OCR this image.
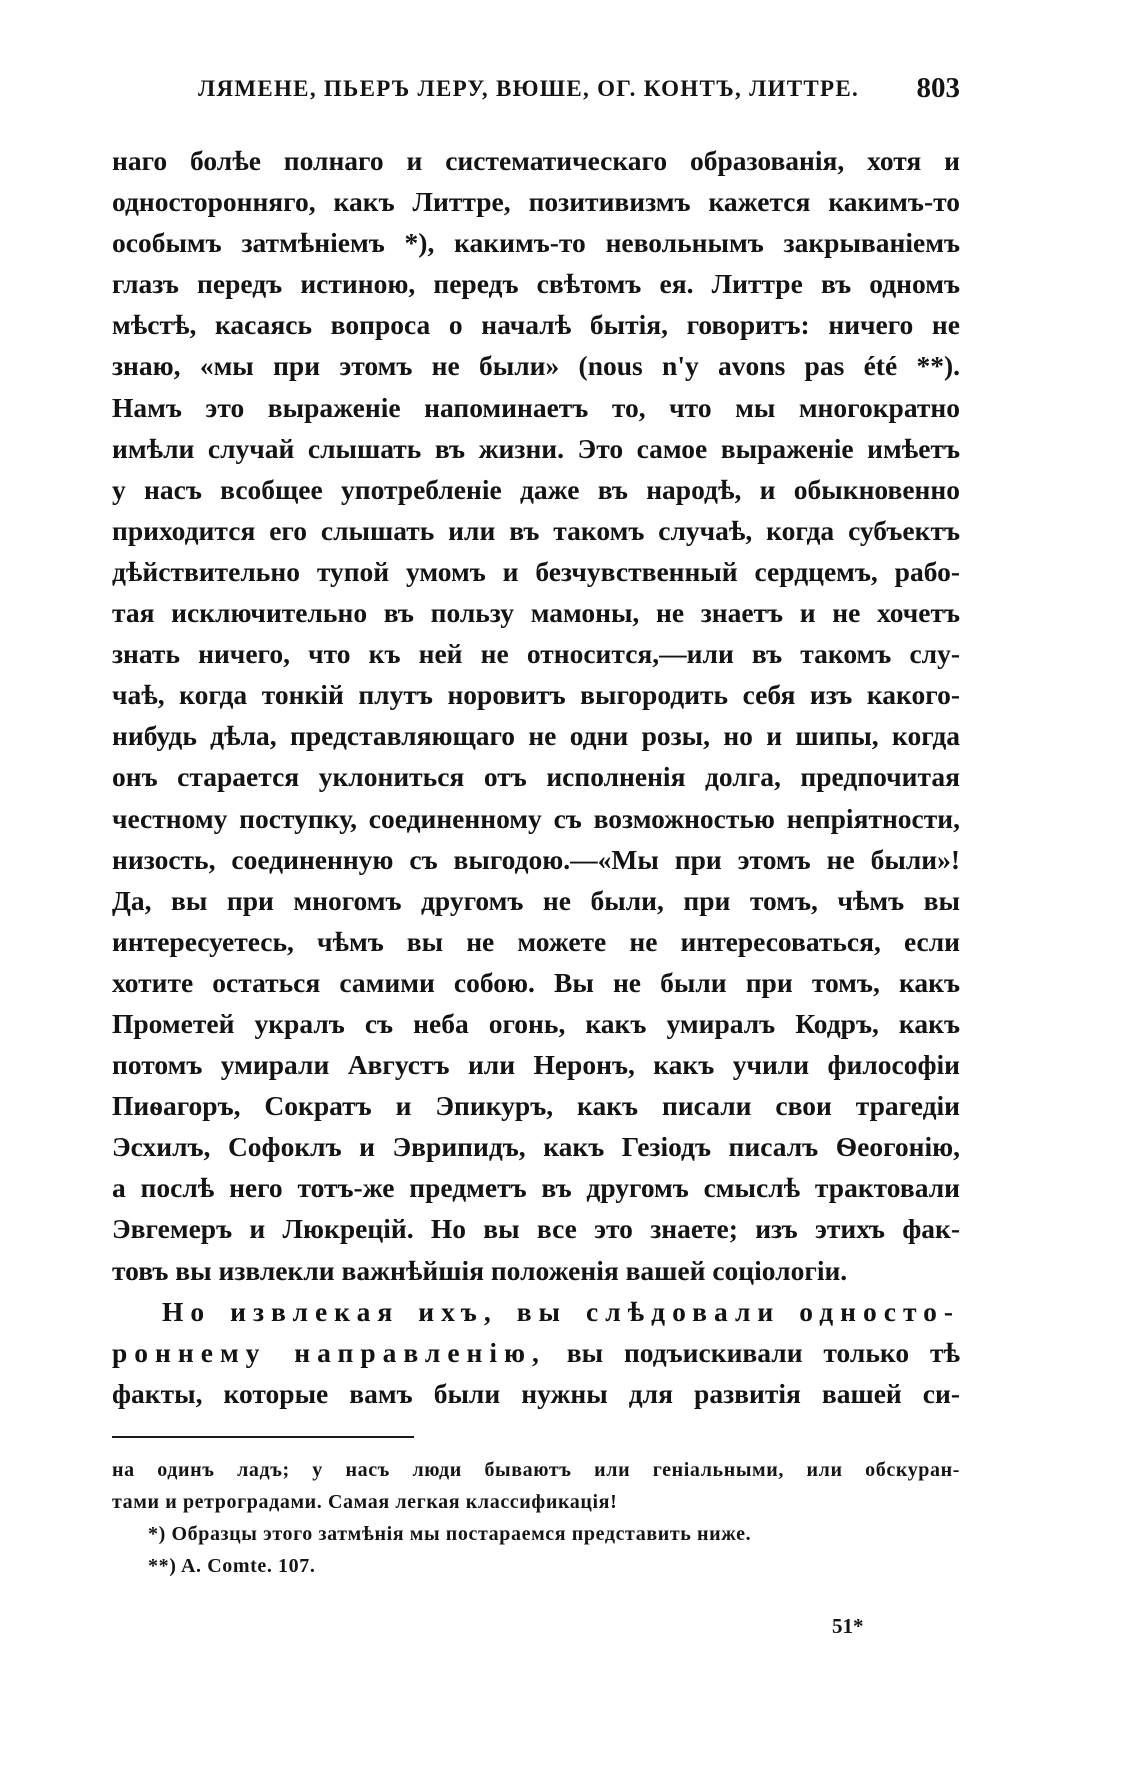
ЛЯМЕНЕ, ПЬЕРЪ ЛЕРУ, ВЮШЕ, ОГ. КОНТЪ, ЛИТТРЕ. 803
наго болѣе полнаго и систематическаго образованія, хотя и
односторонняго, какъ Литтре, позитивизмъ кажется какимъ-то
особымъ затмѣніемъ *), какимъ-то невольнымъ закрываніемъ
глазъ передъ истиною, передъ свѣтомъ ея. Литтре въ одномъ
мѣстѣ, касаясь вопроса о началѣ бытія, говоритъ: ничего не
знаю, «мы при этомъ не были» (nous n'y avons pas été **).
Намъ это выраженіе напоминаетъ то, что мы многократно
имѣли случай слышать въ жизни. Это самое выраженіе имѣетъ
у насъ всобщее употребленіе даже въ народѣ, и обыкновенно
приходится его слышать или въ такомъ случаѣ, когда субъектъ
дѣйствительно тупой умомъ и безчувственный сердцемъ, рабо-
тая исключительно въ пользу мамоны, не знаетъ и не хочетъ
знать ничего, что къ ней не относится,—или въ такомъ слу-
чаѣ, когда тонкій плутъ норовитъ выгородить себя изъ какого-
нибудь дѣла, представляющаго не одни розы, но и шипы, когда
онъ старается уклониться отъ исполненія долга, предпочитая
честному поступку, соединенному съ возможностью непріятности,
низость, соединенную съ выгодою.—«Мы при этомъ не были»!
Да, вы при многомъ другомъ не были, при томъ, чѣмъ вы
интересуетесь, чѣмъ вы не можете не интересоваться, если
хотите остаться самими собою. Вы не были при томъ, какъ
Прометей укралъ съ неба огонь, какъ умиралъ Кодръ, какъ
потомъ умирали Августъ или Неронъ, какъ учили философіи
Пиѳагоръ, Сократъ и Эпикуръ, какъ писали свои трагедіи
Эсхилъ, Софоклъ и Эврипидъ, какъ Гезіодъ писалъ Ѳеогонію,
а послѣ него тотъ-же предметъ въ другомъ смыслѣ трактовали
Эвгемеръ и Люкрецій. Но вы все это знаете; изъ этихъ фак-
товъ вы извлекли важнѣйшія положенія вашей соціологіи.
Но извлекая ихъ, вы слѣдовали односто-
роннему направленію, вы подъискивали только тѣ
факты, которые вамъ были нужны для развитія вашей си-
на одинъ ладъ; у насъ люди бываютъ или геніальными, или обскуран-
тами и ретроградами. Самая легкая классификація!
*) Образцы этого затмѣнія мы постараемся представить ниже.
**) A. Comte. 107.
51*
